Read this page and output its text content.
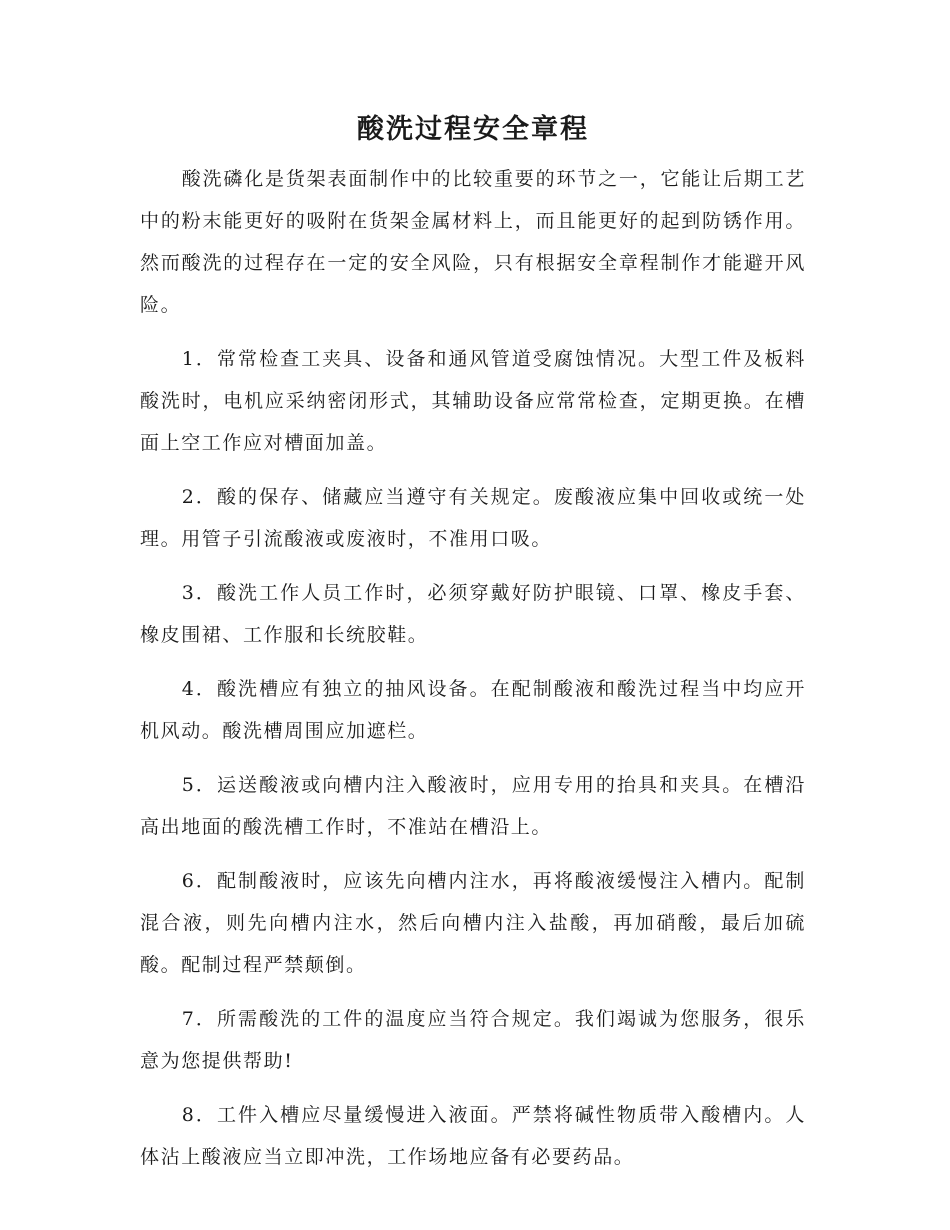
酸洗过程安全章程

酸洗磷化是货架表面制作中的比较重要的环节之一，它能让后期工艺中的粉末能更好的吸附在货架金属材料上，而且能更好的起到防锈作用。然而酸洗的过程存在一定的安全风险，只有根据安全章程制作才能避开风险。

1．常常检查工夹具、设备和通风管道受腐蚀情况。大型工件及板料酸洗时，电机应采纳密闭形式，其辅助设备应常常检查，定期更换。在槽面上空工作应对槽面加盖。

2．酸的保存、储藏应当遵守有关规定。废酸液应集中回收或统一处理。用管子引流酸液或废液时，不准用口吸。

3．酸洗工作人员工作时，必须穿戴好防护眼镜、口罩、橡皮手套、橡皮围裙、工作服和长统胶鞋。

4．酸洗槽应有独立的抽风设备。在配制酸液和酸洗过程当中均应开机风动。酸洗槽周围应加遮栏。

5．运送酸液或向槽内注入酸液时，应用专用的抬具和夹具。在槽沿高出地面的酸洗槽工作时，不准站在槽沿上。

6．配制酸液时，应该先向槽内注水，再将酸液缓慢注入槽内。配制混合液，则先向槽内注水，然后向槽内注入盐酸，再加硝酸，最后加硫酸。配制过程严禁颠倒。

7．所需酸洗的工件的温度应当符合规定。我们竭诚为您服务，很乐意为您提供帮助!

8．工件入槽应尽量缓慢进入液面。严禁将碱性物质带入酸槽内。人体沾上酸液应当立即冲洗，工作场地应备有必要药品。
